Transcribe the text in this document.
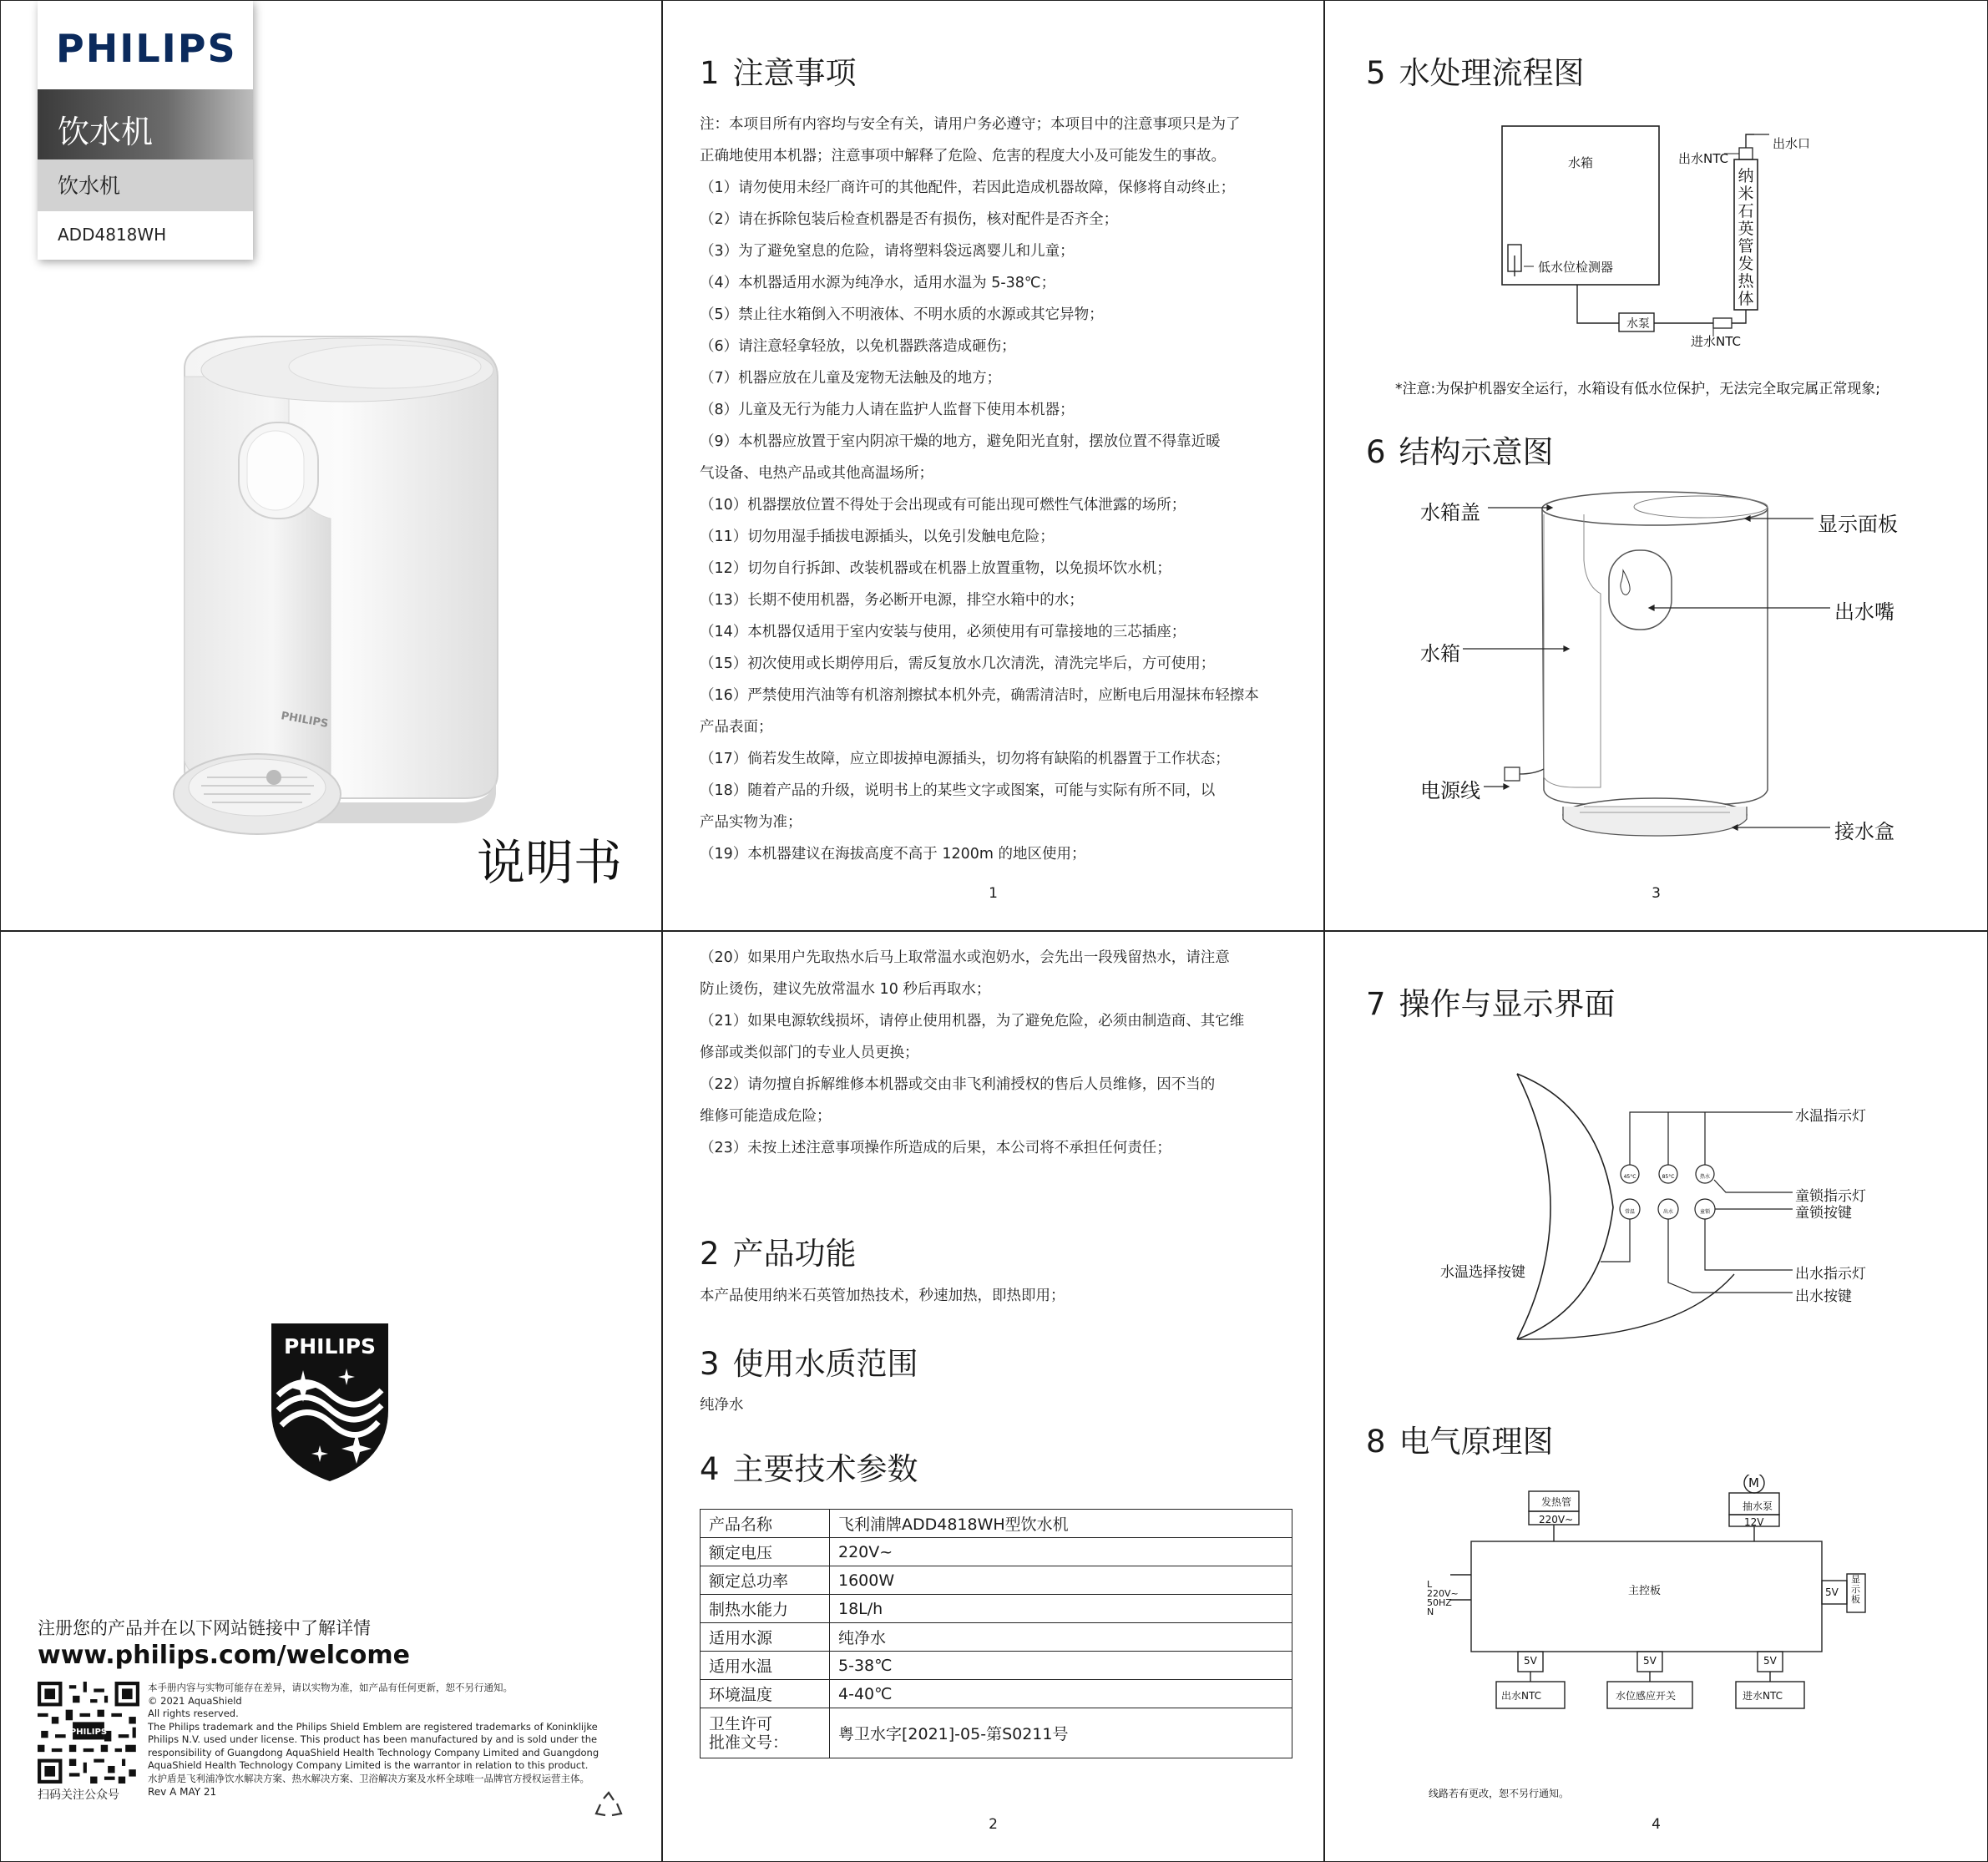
PHILIPS
饮水机
饮水机
ADD4818WH
PHILIPS
说明书
1 注意事项
注：本项目所有内容均与安全有关，请用户务必遵守；本项目中的注意事项只是为了
正确地使用本机器；注意事项中解释了危险、危害的程度大小及可能发生的事故。
（1）请勿使用未经厂商许可的其他配件，若因此造成机器故障，保修将自动终止；
（2）请在拆除包装后检查机器是否有损伤，核对配件是否齐全；
（3）为了避免窒息的危险，请将塑料袋远离婴儿和儿童；
（4）本机器适用水源为纯净水，适用水温为 5-38℃；
（5）禁止往水箱倒入不明液体、不明水质的水源或其它异物；
（6）请注意轻拿轻放，以免机器跌落造成砸伤；
（7）机器应放在儿童及宠物无法触及的地方；
（8）儿童及无行为能力人请在监护人监督下使用本机器；
（9）本机器应放置于室内阴凉干燥的地方，避免阳光直射，摆放位置不得靠近暖
气设备、电热产品或其他高温场所；
（10）机器摆放位置不得处于会出现或有可能出现可燃性气体泄露的场所；
（11）切勿用湿手插拔电源插头，以免引发触电危险；
（12）切勿自行拆卸、改装机器或在机器上放置重物，以免损坏饮水机；
（13）长期不使用机器，务必断开电源，排空水箱中的水；
（14）本机器仅适用于室内安装与使用，必须使用有可靠接地的三芯插座；
（15）初次使用或长期停用后，需反复放水几次清洗，清洗完毕后，方可使用；
（16）严禁使用汽油等有机溶剂擦拭本机外壳，确需清洁时，应断电后用湿抹布轻擦本
产品表面；
（17）倘若发生故障，应立即拔掉电源插头，切勿将有缺陷的机器置于工作状态；
（18）随着产品的升级，说明书上的某些文字或图案，可能与实际有所不同，以
产品实物为准；
（19）本机器建议在海拔高度不高于 1200m 的地区使用；
1
5 水处理流程图
水箱
低水位检测器
水泵
进水NTC
出水NTC
出水口
纳米石英管发热体
*注意:为保护机器安全运行，水箱设有低水位保护，无法完全取完属正常现象;
6 结构示意图
水箱盖	显示面板
出水嘴
水箱
电源线
接水盒
3
PHILIPS
注册您的产品并在以下网站链接中了解详情
www.philips.com/welcome
PHILIPS
本手册内容与实物可能存在差异，请以实物为准，如产品有任何更新，恕不另行通知。
© 2021 AquaShield
All rights reserved.
The Philips trademark and the Philips Shield Emblem are registered trademarks of Koninklijke
Philips N.V. used under license. This product has been manufactured by and is sold under the
responsibility of Guangdong AquaShield Health Technology Company Limited and Guangdong
AquaShield Health Technology Company Limited is the warrantor in relation to this product.
水护盾是飞利浦净饮水解决方案、热水解决方案、卫浴解决方案及水杯全球唯一品牌官方授权运营主体。
扫码关注公众号	Rev A MAY 21
（20）如果用户先取热水后马上取常温水或泡奶水，会先出一段残留热水，请注意
防止烫伤，建议先放常温水 10 秒后再取水；
（21）如果电源软线损坏，请停止使用机器，为了避免危险，必须由制造商、其它维
修部或类似部门的专业人员更换；
（22）请勿擅自拆解维修本机器或交由非飞利浦授权的售后人员维修，因不当的
维修可能造成危险；
（23）未按上述注意事项操作所造成的后果，本公司将不承担任何责任；
2 产品功能
本产品使用纳米石英管加热技术，秒速加热，即热即用；
3 使用水质范围
纯净水
4 主要技术参数
产品名称	飞利浦牌ADD4818WH型饮水机
额定电压	220V~
额定总功率	1600W
制热水能力	18L/h
适用水源	纯净水
适用水温	5-38℃
环境温度	4-40℃
卫生许可
批准文号：	粤卫水字[2021]-05-第S0211号
2
7 操作与显示界面
45°C	85°C	热水
常温	出水	童锁
水温指示灯
童锁指示灯
童锁按键
出水指示灯
出水按键
水温选择按键
8 电气原理图
发热管
220V~
M
抽水泵
12V
主控板
L
220V~
50HZ
N
5V
显示板
5V
出水NTC
5V
水位感应开关
5V
进水NTC
线路若有更改，恕不另行通知。
4
